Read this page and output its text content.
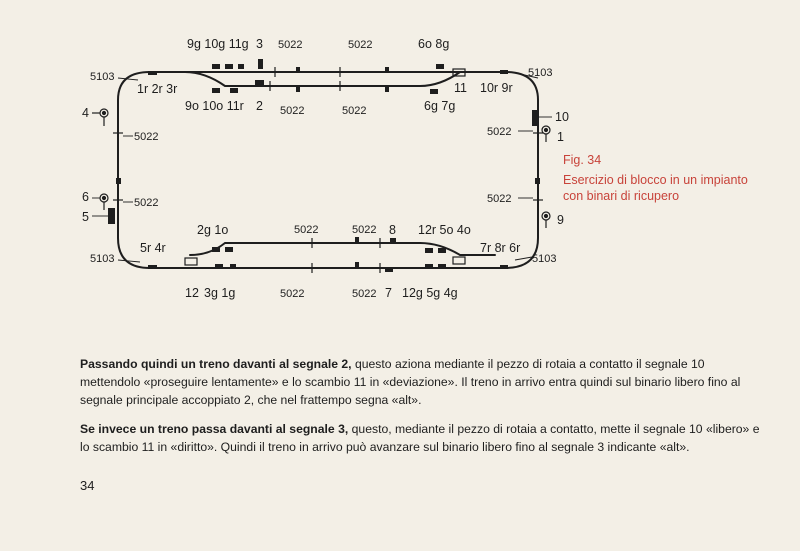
9g 10g 11g 3 5022	5022	6o 8g
5103	5103
1r 2r 3r	11 10r 9r
9o 10o 11r 2 5022	5022	6g 7g
4	10
5022	5022	1
6	5022
5
5022
9
2g 1o	5022	5022 8 12r 5o 4o
5r 4r	7r 8r 6r
5103	5103
12 3g 1g	5022	5022 7 12g 5g 4g
Fig. 34
Esercizio di blocco in un impianto con binari di ricupero

Passando quindi un treno davanti al segnale 2, questo aziona mediante il pezzo di rotaia a contatto il segnale 10 mettendolo «proseguire lentamente» e lo scambio 11 in «deviazione». Il treno in arrivo entra quindi sul binario libero fino al segnale principale accoppiato 2, che nel frattempo segna «alt».

Se invece un treno passa davanti al segnale 3, questo, mediante il pezzo di rotaia a contatto, mette il segnale 10 «libero» e lo scambio 11 in «diritto». Quindi il treno in arrivo può avanzare sul binario libero fino al segnale 3 indicante «alt».

34
